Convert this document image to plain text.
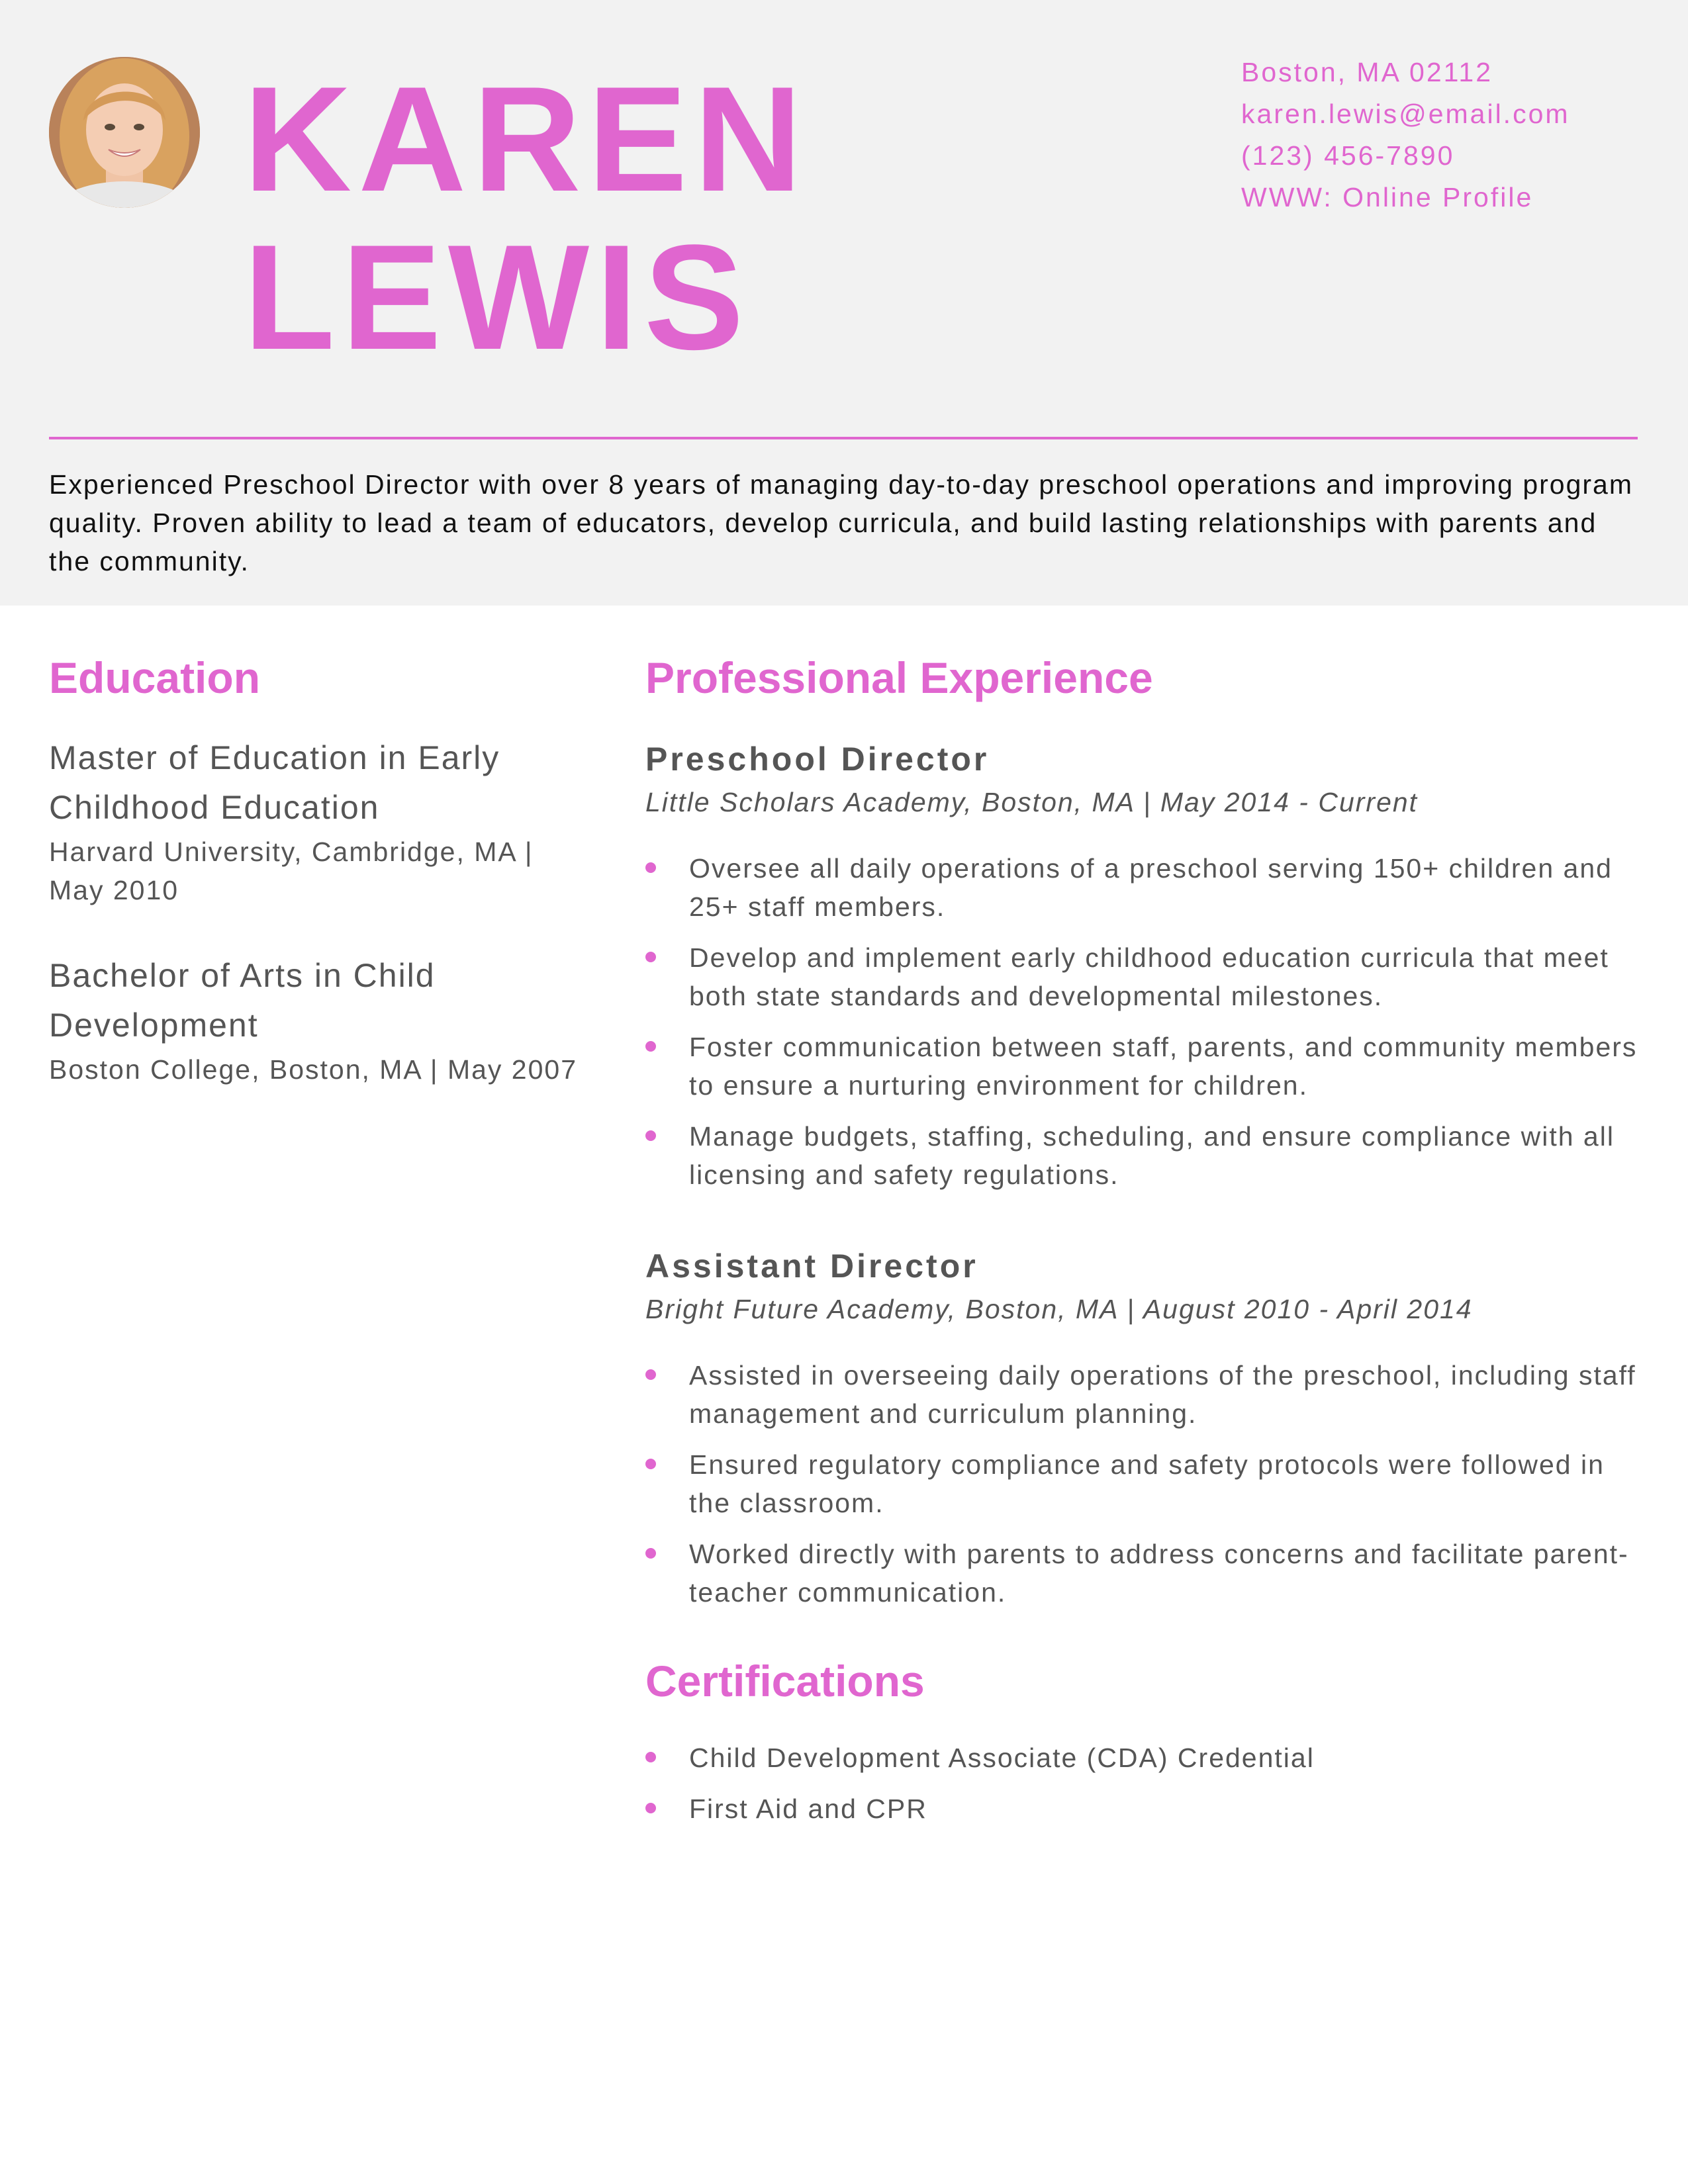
KAREN
LEWIS
Boston, MA 02112
karen.lewis@email.com
(123) 456-7890
WWW: Online Profile
Experienced Preschool Director with over 8 years of managing day-to-day preschool operations and improving program quality. Proven ability to lead a team of educators, develop curricula, and build lasting relationships with parents and the community.
Education
Master of Education in Early Childhood Education
Harvard University, Cambridge, MA | May 2010
Bachelor of Arts in Child Development
Boston College, Boston, MA | May 2007
Professional Experience
Preschool Director
Little Scholars Academy, Boston, MA | May 2014 - Current
Oversee all daily operations of a preschool serving 150+ children and 25+ staff members.
Develop and implement early childhood education curricula that meet both state standards and developmental milestones.
Foster communication between staff, parents, and community members to ensure a nurturing environment for children.
Manage budgets, staffing, scheduling, and ensure compliance with all licensing and safety regulations.
Assistant Director
Bright Future Academy, Boston, MA | August 2010 - April 2014
Assisted in overseeing daily operations of the preschool, including staff management and curriculum planning.
Ensured regulatory compliance and safety protocols were followed in the classroom.
Worked directly with parents to address concerns and facilitate parent-teacher communication.
Certifications
Child Development Associate (CDA) Credential
First Aid and CPR
